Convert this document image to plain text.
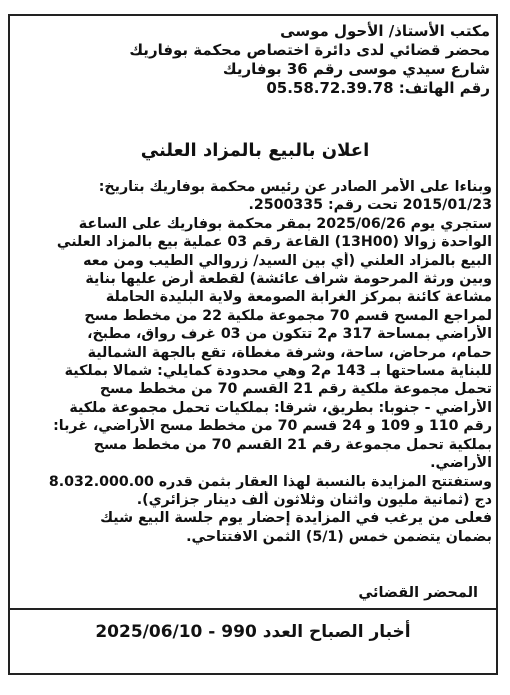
مكتب الأستاذ/ الأحول موسى
محضر قضائي لدى دائرة اختصاص محكمة بوفاريك
شارع سيدي موسى رقم 36 بوفاريك
رقم الهاتف: 05.58.72.39.78
اعلان بالبيع بالمزاد العلني

وبناءا على الأمر الصادر عن رئيس محكمة بوفاريك بتاريخ:

2015/01/23 تحت رقم: 2500335.

ستجري يوم 2025/06/26 بمقر محكمة بوفاريك على الساعة

الواحدة زوالا (13H00) القاعة رقم 03 عملية بيع بالمزاد العلني

البيع بالمزاد العلني (أي بين السيد/ زروالي الطيب ومن معه

وبين ورثة المرحومة شراف عائشة) لقطعة أرض عليها بناية

مشاعة كائنة بمركز الغرابة الصومعة ولاية البليدة الحاملة

لمراجع المسح قسم 70 مجموعة ملكية 22 من مخطط مسح

الأراضي بمساحة 317 م2 تتكون من 03 غرف رواق، مطبخ،

حمام، مرحاض، ساحة، وشرفة مغطاة، تقع بالجهة الشمالية

للبناية مساحتها بـ 143 م2 وهي محدودة كمايلي: شمالا بملكية

تحمل مجموعة ملكية رقم 21 القسم 70 من مخطط مسح

الأراضي - جنوبا: بطريق، شرقا: بملكيات تحمل مجموعة ملكية

رقم 110 و 109 و 24 قسم 70 من مخطط مسح الأراضي، غربا:

بملكية تحمل مجموعة رقم 21 القسم 70 من مخطط مسح

الأراضي.

وستفتتح المزايدة بالنسبة لهذا العقار بثمن قدره 8.032.000.00

دج (ثمانية مليون واثنان وثلاثون ألف دينار جزائري).

فعلى من يرغب في المزايدة إحضار يوم جلسة البيع شيك

بضمان يتضمن خمس (5/1) الثمن الافتتاحي.

المحضر القضائي
أخبار الصباح العدد 990 - 2025/06/10
